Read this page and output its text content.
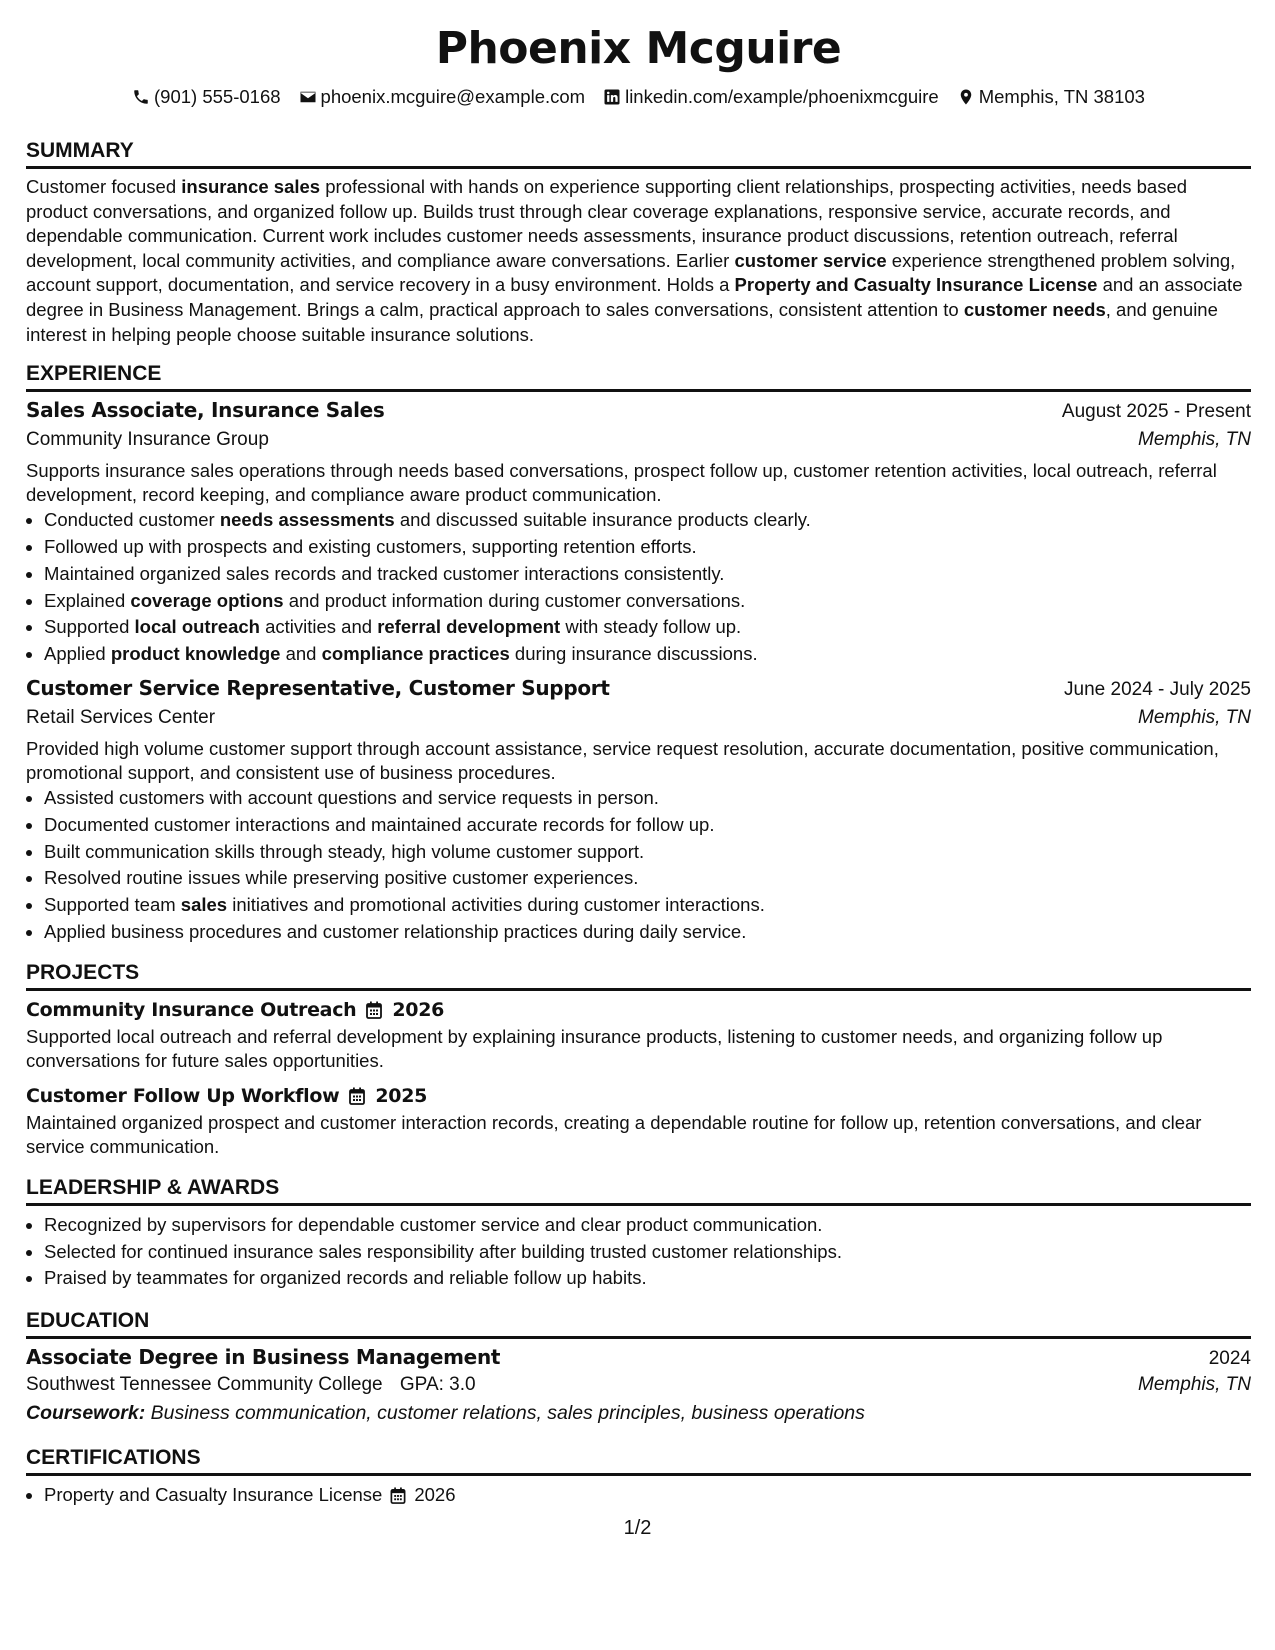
Phoenix Mcguire
(901) 555-0168 phoenix.mcguire@example.com linkedin.com/example/phoenixmcguire Memphis, TN 38103
SUMMARY
Customer focused insurance sales professional with hands on experience supporting client relationships, prospecting activities, needs based product conversations, and organized follow up. Builds trust through clear coverage explanations, responsive service, accurate records, and dependable communication. Current work includes customer needs assessments, insurance product discussions, retention outreach, referral development, local community activities, and compliance aware conversations. Earlier customer service experience strengthened problem solving, account support, documentation, and service recovery in a busy environment. Holds a Property and Casualty Insurance License and an associate degree in Business Management. Brings a calm, practical approach to sales conversations, consistent attention to customer needs, and genuine interest in helping people choose suitable insurance solutions.
EXPERIENCE
Sales Associate, Insurance Sales	August 2025 - Present
Community Insurance Group	Memphis, TN
Supports insurance sales operations through needs based conversations, prospect follow up, customer retention activities, local outreach, referral development, record keeping, and compliance aware product communication.
• Conducted customer needs assessments and discussed suitable insurance products clearly.
• Followed up with prospects and existing customers, supporting retention efforts.
• Maintained organized sales records and tracked customer interactions consistently.
• Explained coverage options and product information during customer conversations.
• Supported local outreach activities and referral development with steady follow up.
• Applied product knowledge and compliance practices during insurance discussions.
Customer Service Representative, Customer Support	June 2024 - July 2025
Retail Services Center	Memphis, TN
Provided high volume customer support through account assistance, service request resolution, accurate documentation, positive communication, promotional support, and consistent use of business procedures.
• Assisted customers with account questions and service requests in person.
• Documented customer interactions and maintained accurate records for follow up.
• Built communication skills through steady, high volume customer support.
• Resolved routine issues while preserving positive customer experiences.
• Supported team sales initiatives and promotional activities during customer interactions.
• Applied business procedures and customer relationship practices during daily service.
PROJECTS
Community Insurance Outreach 2026
Supported local outreach and referral development by explaining insurance products, listening to customer needs, and organizing follow up conversations for future sales opportunities.
Customer Follow Up Workflow 2025
Maintained organized prospect and customer interaction records, creating a dependable routine for follow up, retention conversations, and clear service communication.
LEADERSHIP & AWARDS
• Recognized by supervisors for dependable customer service and clear product communication.
• Selected for continued insurance sales responsibility after building trusted customer relationships.
• Praised by teammates for organized records and reliable follow up habits.
EDUCATION
Associate Degree in Business Management	2024
Southwest Tennessee Community College GPA: 3.0	Memphis, TN
Coursework: Business communication, customer relations, sales principles, business operations
CERTIFICATIONS
• Property and Casualty Insurance License 2026
1/2
